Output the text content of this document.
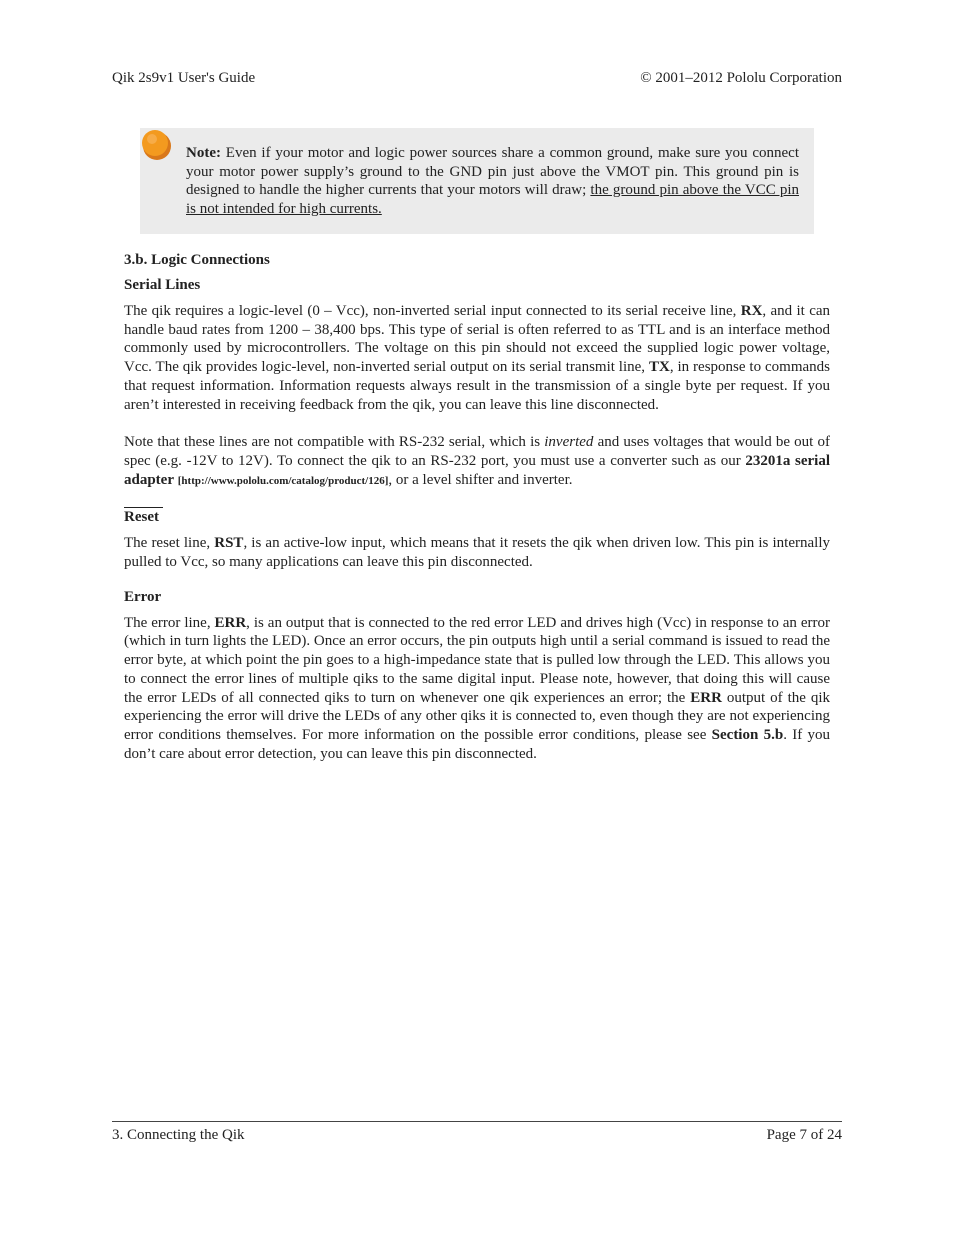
Qik 2s9v1 User's Guide	© 2001–2012 Pololu Corporation
Note: Even if your motor and logic power sources share a common ground, make sure you connect your motor power supply’s ground to the GND pin just above the VMOT pin. This ground pin is designed to handle the higher currents that your motors will draw; the ground pin above the VCC pin is not intended for high currents.
3.b. Logic Connections
Serial Lines

The qik requires a logic-level (0 – Vcc), non-inverted serial input connected to its serial receive line, RX, and it can handle baud rates from 1200 – 38,400 bps. This type of serial is often referred to as TTL and is an interface method commonly used by microcontrollers. The voltage on this pin should not exceed the supplied logic power voltage, Vcc. The qik provides logic-level, non-inverted serial output on its serial transmit line, TX, in response to commands that request information. Information requests always result in the transmission of a single byte per request. If you aren’t interested in receiving feedback from the qik, you can leave this line disconnected.

Note that these lines are not compatible with RS-232 serial, which is inverted and uses voltages that would be out of spec (e.g. -12V to 12V). To connect the qik to an RS-232 port, you must use a converter such as our 23201a serial adapter [http://www.pololu.com/catalog/product/126], or a level shifter and inverter.

Reset

The reset line, RST, is an active-low input, which means that it resets the qik when driven low. This pin is internally pulled to Vcc, so many applications can leave this pin disconnected.

Error

The error line, ERR, is an output that is connected to the red error LED and drives high (Vcc) in response to an error (which in turn lights the LED). Once an error occurs, the pin outputs high until a serial command is issued to read the error byte, at which point the pin goes to a high-impedance state that is pulled low through the LED. This allows you to connect the error lines of multiple qiks to the same digital input. Please note, however, that doing this will cause the error LEDs of all connected qiks to turn on whenever one qik experiences an error; the ERR output of the qik experiencing the error will drive the LEDs of any other qiks it is connected to, even though they are not experiencing error conditions themselves. For more information on the possible error conditions, please see Section 5.b. If you don’t care about error detection, you can leave this pin disconnected.

3. Connecting the Qik	Page 7 of 24
